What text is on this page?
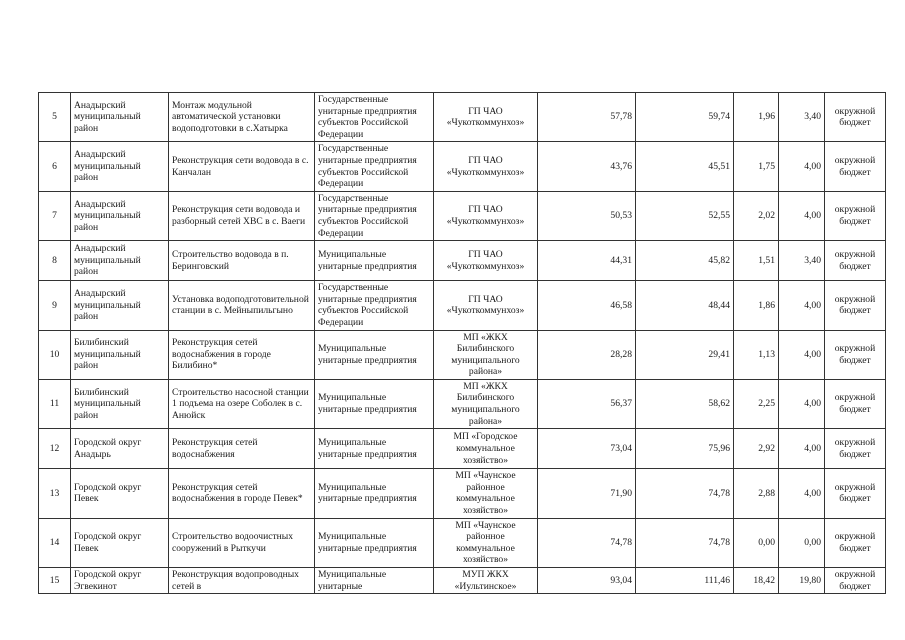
5	Анадырский муниципальный район	Монтаж модульной автоматической установки водоподготовки в с.Хатырка	Государственные унитарные предприятия субъектов Российской Федерации	ГП ЧАО «Чукоткоммунхоз»	57,78	59,74	1,96	3,40	окружной бюджет
6	Анадырский муниципальный район	Реконструкция сети водовода в с. Канчалан	Государственные унитарные предприятия субъектов Российской Федерации	ГП ЧАО «Чукоткоммунхоз»	43,76	45,51	1,75	4,00	окружной бюджет
7	Анадырский муниципальный район	Реконструкция сети водовода и разборный сетей ХВС в с. Ваеги	Государственные унитарные предприятия субъектов Российской Федерации	ГП ЧАО «Чукоткоммунхоз»	50,53	52,55	2,02	4,00	окружной бюджет
8	Анадырский муниципальный район	Строительство водовода в п. Беринговский	Муниципальные унитарные предприятия	ГП ЧАО «Чукоткоммунхоз»	44,31	45,82	1,51	3,40	окружной бюджет
9	Анадырский муниципальный район	Установка водоподготовительной станции в с. Мейныпильгыно	Государственные унитарные предприятия субъектов Российской Федерации	ГП ЧАО «Чукоткоммунхоз»	46,58	48,44	1,86	4,00	окружной бюджет
10	Билибинский муниципальный район	Реконструкция сетей водоснабжения в городе Билибино*	Муниципальные унитарные предприятия	МП «ЖКХ Билибинского муниципального района»	28,28	29,41	1,13	4,00	окружной бюджет
11	Билибинский муниципальный район	Строительство насосной станции 1 подъема на озере Соболек в с. Анюйск	Муниципальные унитарные предприятия	МП «ЖКХ Билибинского муниципального района»	56,37	58,62	2,25	4,00	окружной бюджет
12	Городской округ Анадырь	Реконструкция сетей водоснабжения	Муниципальные унитарные предприятия	МП «Городское коммунальное хозяйство»	73,04	75,96	2,92	4,00	окружной бюджет
13	Городской округ Певек	Реконструкция сетей водоснабжения в городе Певек*	Муниципальные унитарные предприятия	МП «Чаунское районное коммунальное хозяйство»	71,90	74,78	2,88	4,00	окружной бюджет
14	Городской округ Певек	Строительство водоочистных сооружений в Рыткучи	Муниципальные унитарные предприятия	МП «Чаунское районное коммунальное хозяйство»	74,78	74,78	0,00	0,00	окружной бюджет
15	Городской округ Эгвекинот	Реконструкция водопроводных сетей в	Муниципальные унитарные	МУП ЖКХ «Иультинское»	93,04	111,46	18,42	19,80	окружной бюджет
